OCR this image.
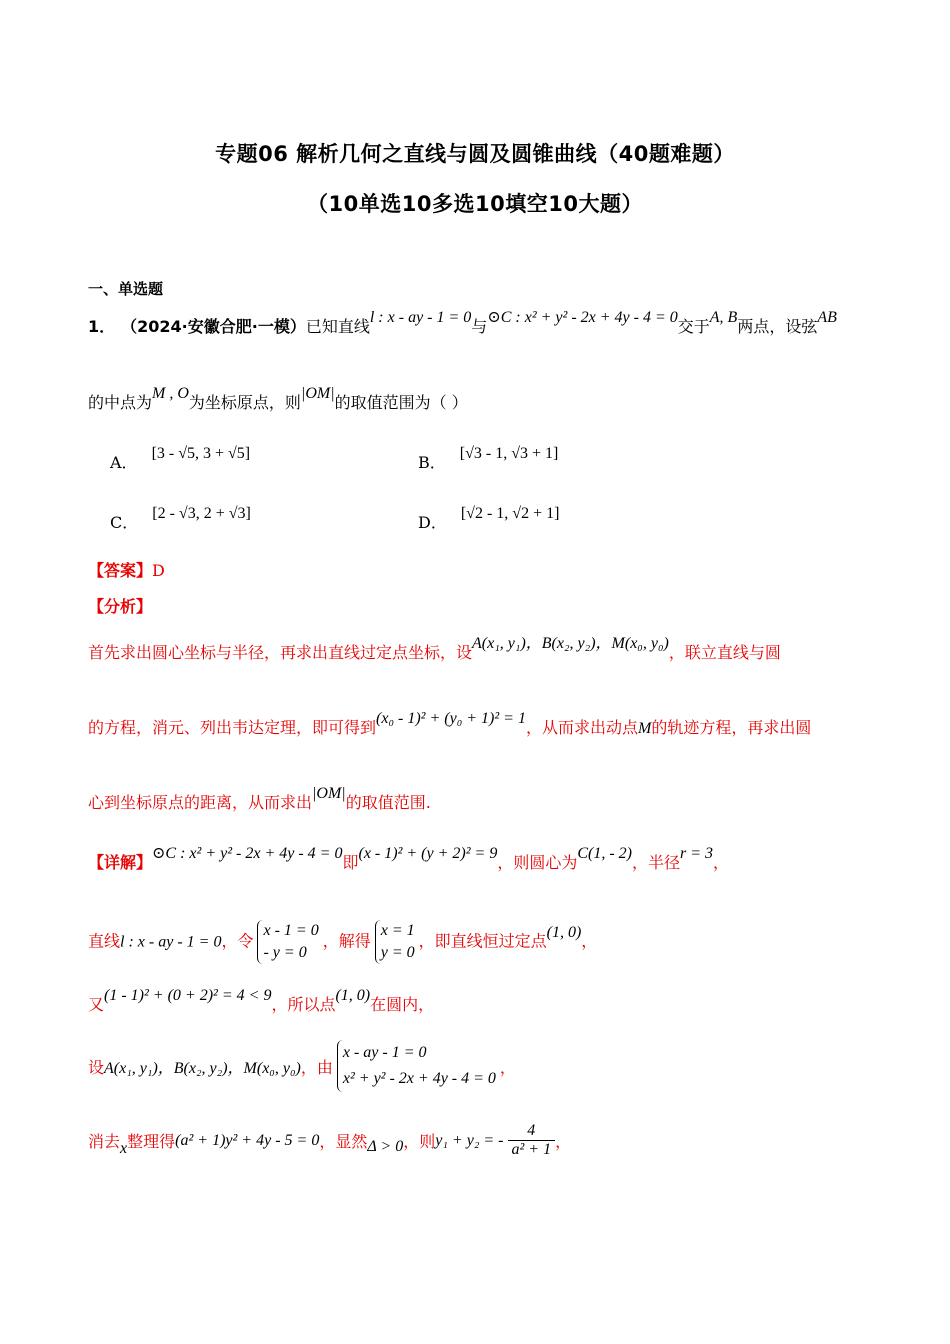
专题06 解析几何之直线与圆及圆锥曲线（40题难题）
（10单选10多选10填空10大题）
一、单选题
1． （2024·安徽合肥·一模）已知直线l : x - ay - 1 = 0与⊙C : x² + y² - 2x + 4y - 4 = 0交于A, B两点，设弦AB
的中点为M , O为坐标原点，则|OM|的取值范围为（ ）
A． [3 - √5, 3 + √5]	B． [√3 - 1, √3 + 1]
C． [2 - √3, 2 + √3]	D． [√2 - 1, √2 + 1]
【答案】D
【分析】
首先求出圆心坐标与半径，再求出直线过定点坐标，设A(x₁, y₁)，B(x₂, y₂)，M(x₀, y₀)，联立直线与圆
的方程，消元、列出韦达定理，即可得到(x₀ - 1)² + (y₀ + 1)² = 1，从而求出动点M的轨迹方程，再求出圆
心到坐标原点的距离，从而求出|OM|的取值范围.
【详解】⊙C : x² + y² - 2x + 4y - 4 = 0即(x - 1)² + (y + 2)² = 9，则圆心为C(1, - 2)，半径r = 3，
直线l : x - ay - 1 = 0，令
x - 1 = 0
- y = 0
，解得
x = 1
y = 0
，即直线恒过定点(1, 0)，
又(1 - 1)² + (0 + 2)² = 4 < 9，所以点(1, 0)在圆内，
设A(x₁, y₁)，B(x₂, y₂)，M(x₀, y₀)，由
x - ay - 1 = 0
x² + y² - 2x + 4y - 4 = 0
，
消去x整理得(a² + 1)y² + 4y - 5 = 0，显然Δ > 0，则y₁ + y₂ = - $\frac{4}{\text{a² + 1}}$ ，
